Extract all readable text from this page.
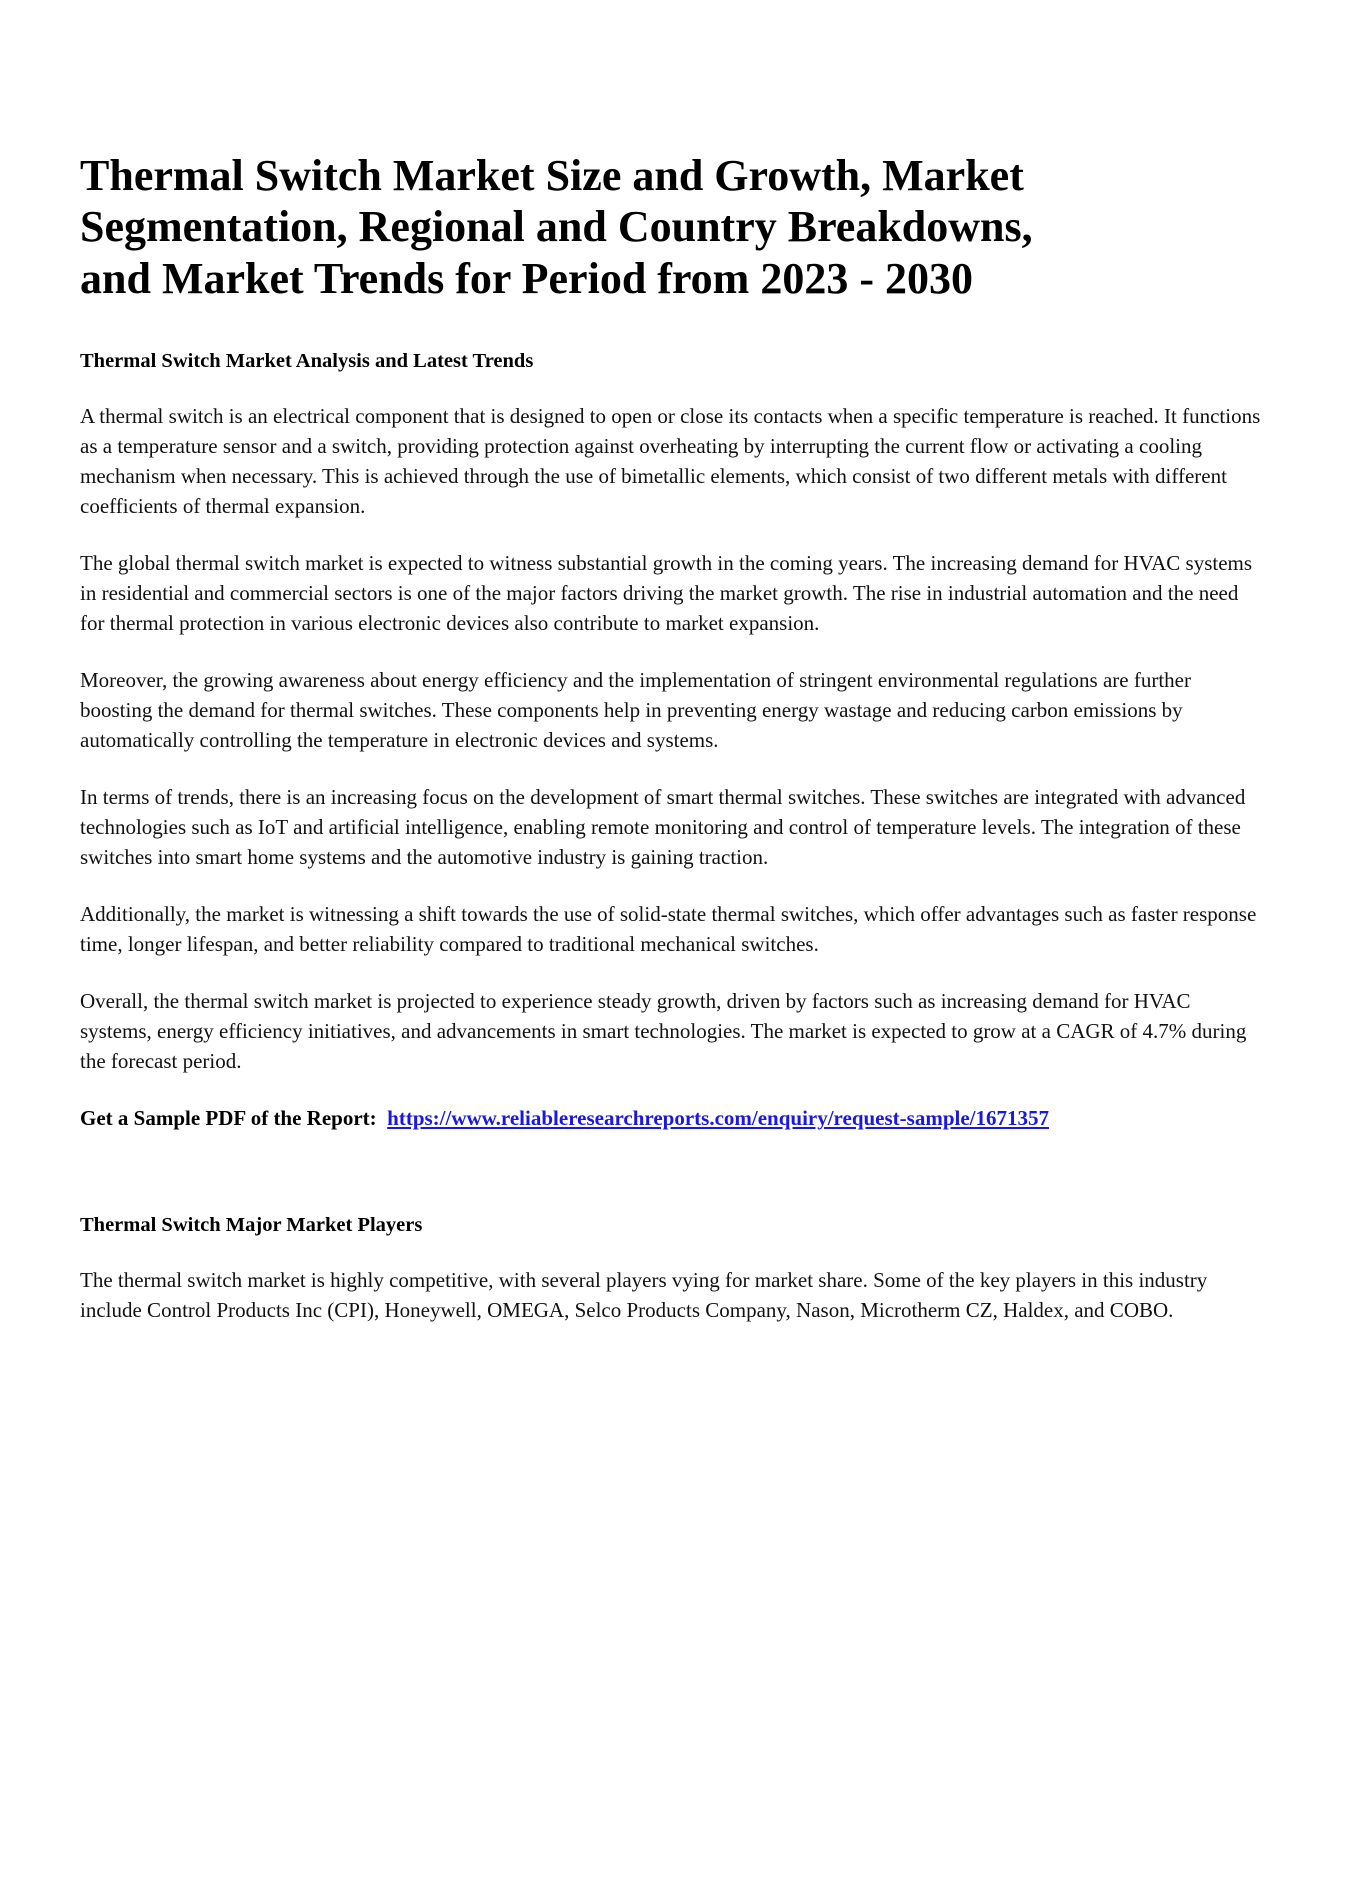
Thermal Switch Market Size and Growth, Market Segmentation, Regional and Country Breakdowns, and Market Trends for Period from 2023 - 2030
Thermal Switch Market Analysis and Latest Trends

A thermal switch is an electrical component that is designed to open or close its contacts when a specific temperature is reached. It functions as a temperature sensor and a switch, providing protection against overheating by interrupting the current flow or activating a cooling mechanism when necessary. This is achieved through the use of bimetallic elements, which consist of two different metals with different coefficients of thermal expansion.

The global thermal switch market is expected to witness substantial growth in the coming years. The increasing demand for HVAC systems in residential and commercial sectors is one of the major factors driving the market growth. The rise in industrial automation and the need for thermal protection in various electronic devices also contribute to market expansion.

Moreover, the growing awareness about energy efficiency and the implementation of stringent environmental regulations are further boosting the demand for thermal switches. These components help in preventing energy wastage and reducing carbon emissions by automatically controlling the temperature in electronic devices and systems.

In terms of trends, there is an increasing focus on the development of smart thermal switches. These switches are integrated with advanced technologies such as IoT and artificial intelligence, enabling remote monitoring and control of temperature levels. The integration of these switches into smart home systems and the automotive industry is gaining traction.

Additionally, the market is witnessing a shift towards the use of solid-state thermal switches, which offer advantages such as faster response time, longer lifespan, and better reliability compared to traditional mechanical switches.

Overall, the thermal switch market is projected to experience steady growth, driven by factors such as increasing demand for HVAC systems, energy efficiency initiatives, and advancements in smart technologies. The market is expected to grow at a CAGR of 4.7% during the forecast period.

Get a Sample PDF of the Report: https://www.reliableresearchreports.com/enquiry/request-sample/1671357

Thermal Switch Major Market Players

The thermal switch market is highly competitive, with several players vying for market share. Some of the key players in this industry include Control Products Inc (CPI), Honeywell, OMEGA, Selco Products Company, Nason, Microtherm CZ, Haldex, and COBO.
